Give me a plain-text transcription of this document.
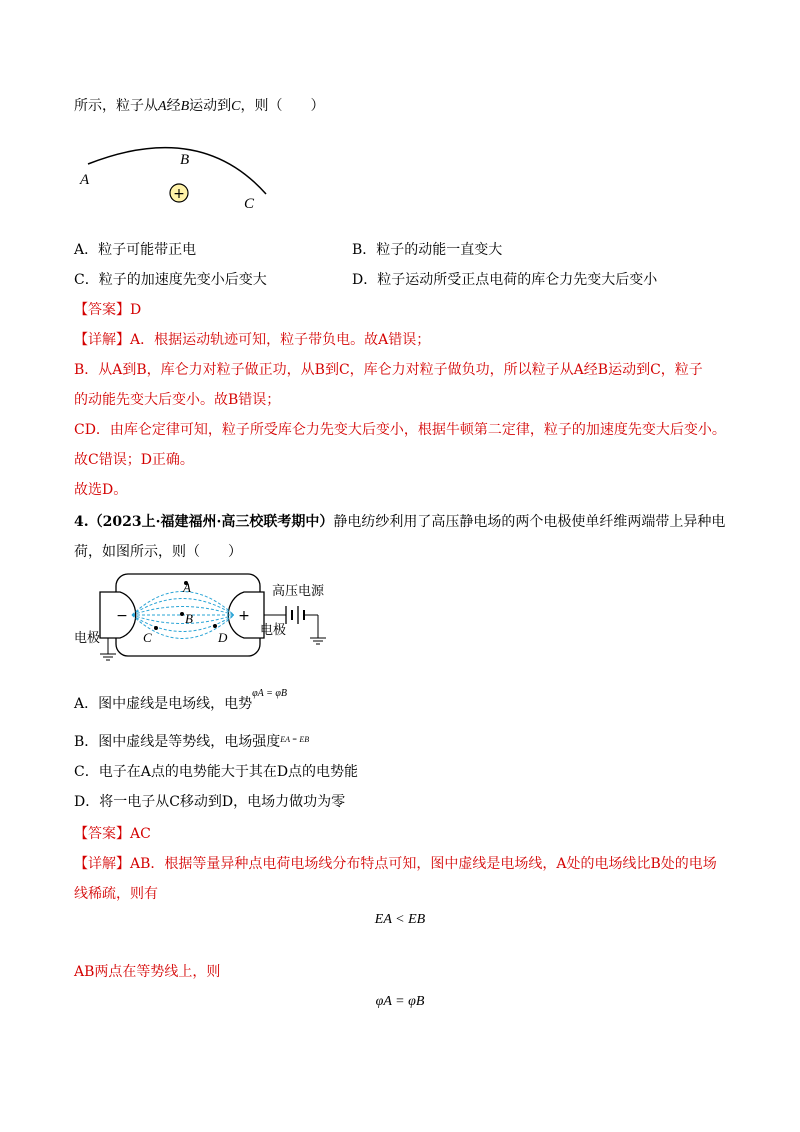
所示，粒子从A经B运动到C，则（　　）
A
B
C
+
A．粒子可能带正电	B．粒子的动能一直变大
C．粒子的加速度先变小后变大	D．粒子运动所受正点电荷的库仑力先变大后变小
【答案】D
【详解】A．根据运动轨迹可知，粒子带负电。故A错误；
B．从A到B，库仑力对粒子做正功，从B到C，库仑力对粒子做负功，所以粒子从A经B运动到C，粒子
的动能先变大后变小。故B错误；
CD．由库仑定律可知，粒子所受库仑力先变大后变小，根据牛顿第二定律，粒子的加速度先变大后变小。
故C错误；D正确。
故选D。
4.（2023上·福建福州·高三校联考期中）静电纺纱利用了高压静电场的两个电极使单纤维两端带上异种电
荷，如图所示，则（　　）
−	+
A
B
C	D
高压电源
电极
电极
A．图中虚线是电场线，电势$^{\varphi A = \varphi B}$
B．图中虚线是等势线，电场强度$^{EA = EB}$
C．电子在A点的电势能大于其在D点的电势能
D．将一电子从C移动到D，电场力做功为零
【答案】AC
【详解】AB．根据等量异种点电荷电场线分布特点可知，图中虚线是电场线，A处的电场线比B处的电场
线稀疏，则有
EA < EB
AB两点在等势线上，则
φA = φB
